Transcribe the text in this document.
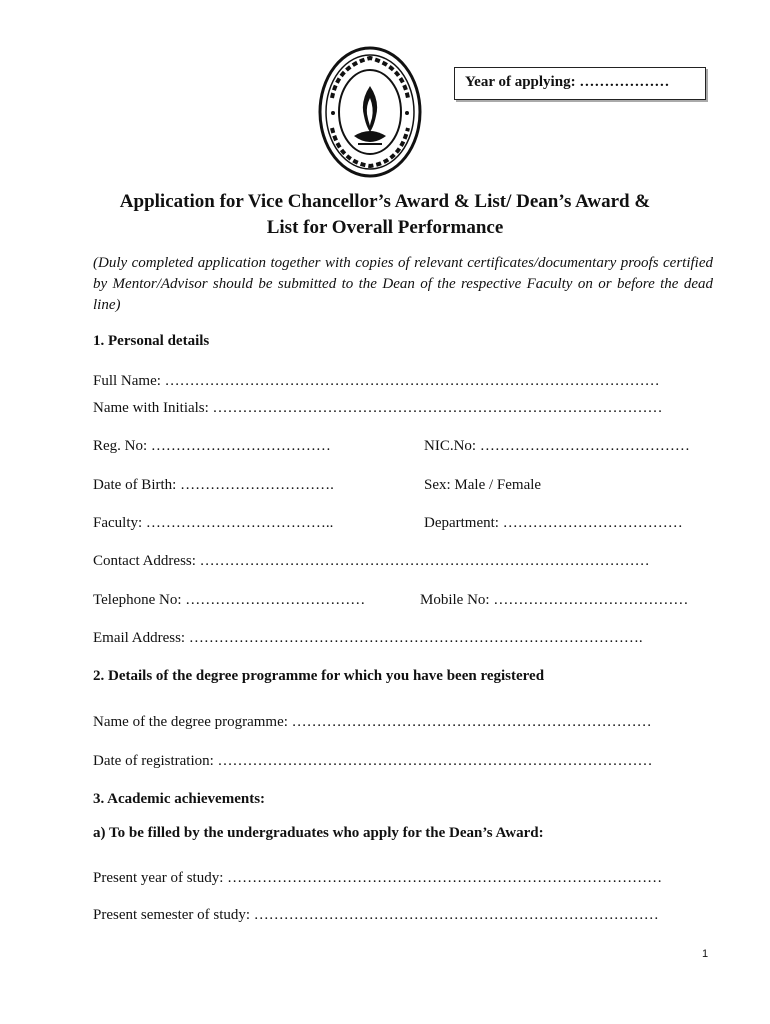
Year of applying: ………………
Application for Vice Chancellor’s Award & List/ Dean’s Award &
List for Overall Performance
(Duly completed application together with copies of relevant certificates/documentary proofs certified by Mentor/Advisor should be submitted to the Dean of the respective Faculty on or before the dead line)
1. Personal details
Full Name: ………………………………………………………………………………………
Name with Initials: ………………………………………………………………………………
Reg. No: ………………………………	NIC.No: ……………………………………
Date of Birth: ………………………….	Sex: Male / Female
Faculty: ………………………………..	Department: ………………………………
Contact Address: ………………………………………………………………………………
Telephone No: ………………………………	Mobile No: …………………………………
Email Address: ……………………………………………………………………………….
2. Details of the degree programme for which you have been registered
Name of the degree programme: ………………………………………………………………
Date of registration: ……………………………………………………………………………
3. Academic achievements:
a) To be filled by the undergraduates who apply for the Dean’s Award:
Present year of study: ……………………………………………………………………………
Present semester of study: ………………………………………………………………………
1
